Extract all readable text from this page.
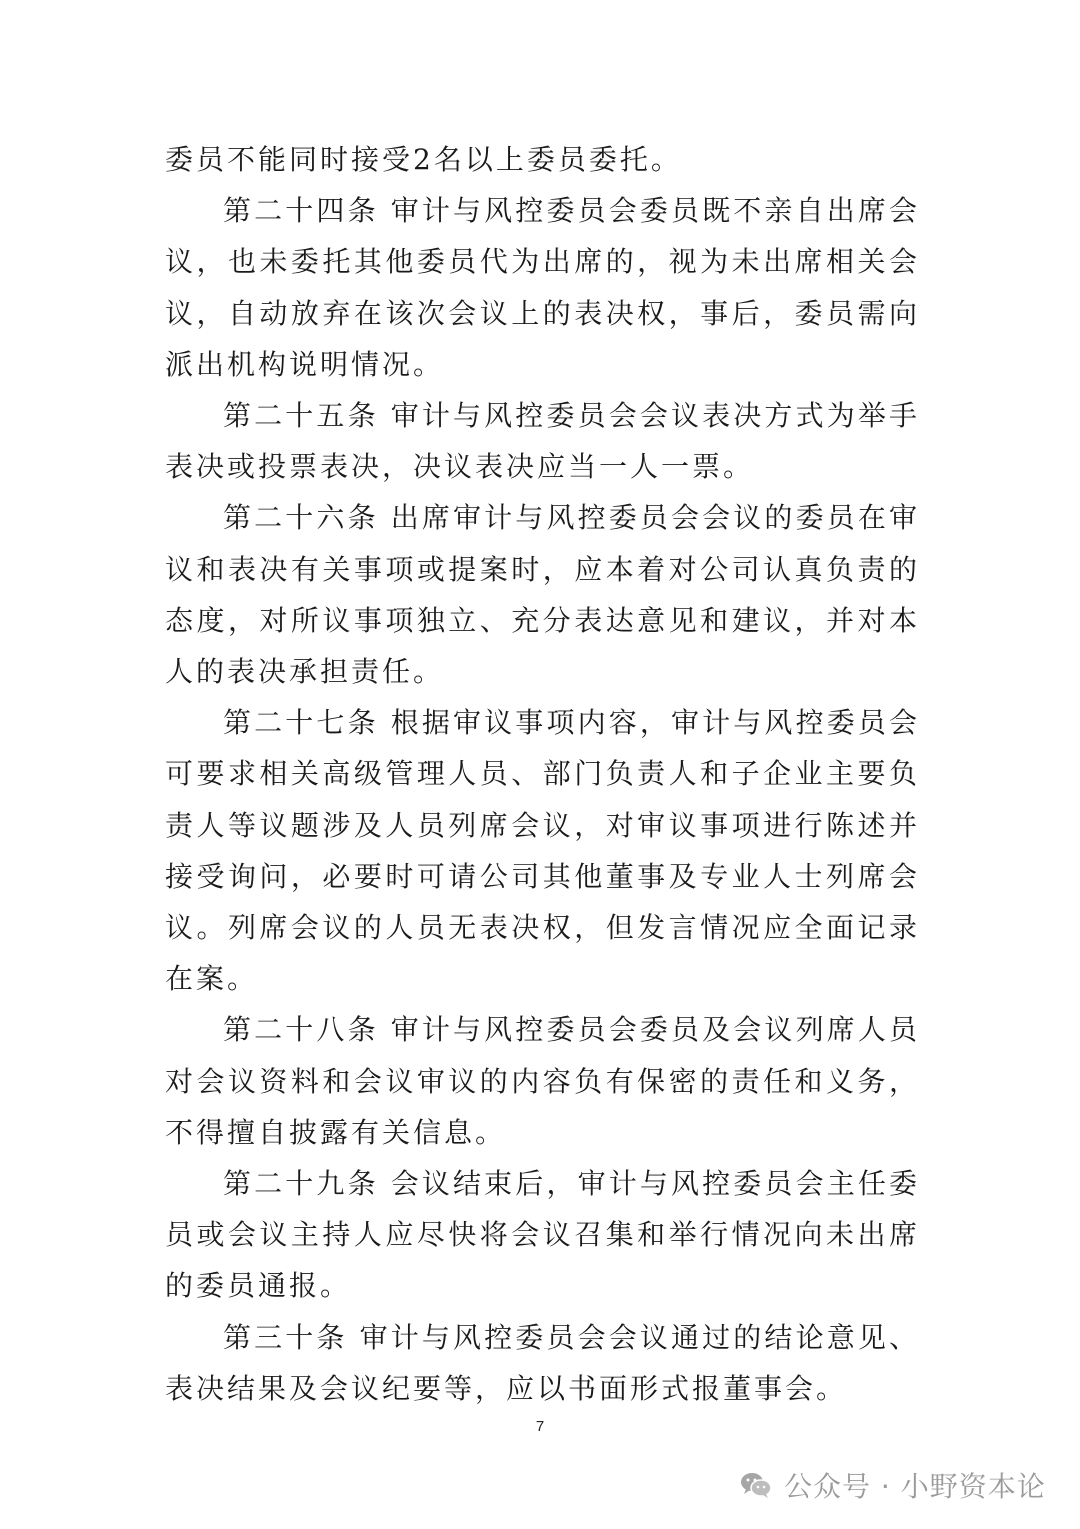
委员不能同时接受2名以上委员委托。

第二十四条 审计与风控委员会委员既不亲自出席会议，也未委托其他委员代为出席的，视为未出席相关会议，自动放弃在该次会议上的表决权，事后，委员需向派出机构说明情况。

第二十五条 审计与风控委员会会议表决方式为举手表决或投票表决，决议表决应当一人一票。

第二十六条 出席审计与风控委员会会议的委员在审议和表决有关事项或提案时，应本着对公司认真负责的态度，对所议事项独立、充分表达意见和建议，并对本人的表决承担责任。

第二十七条 根据审议事项内容，审计与风控委员会可要求相关高级管理人员、部门负责人和子企业主要负责人等议题涉及人员列席会议，对审议事项进行陈述并接受询问，必要时可请公司其他董事及专业人士列席会议。列席会议的人员无表决权，但发言情况应全面记录在案。

第二十八条 审计与风控委员会委员及会议列席人员对会议资料和会议审议的内容负有保密的责任和义务，不得擅自披露有关信息。

第二十九条 会议结束后，审计与风控委员会主任委员或会议主持人应尽快将会议召集和举行情况向未出席的委员通报。

第三十条 审计与风控委员会会议通过的结论意见、表决结果及会议纪要等，应以书面形式报董事会。

7
公众号 · 小野资本论
